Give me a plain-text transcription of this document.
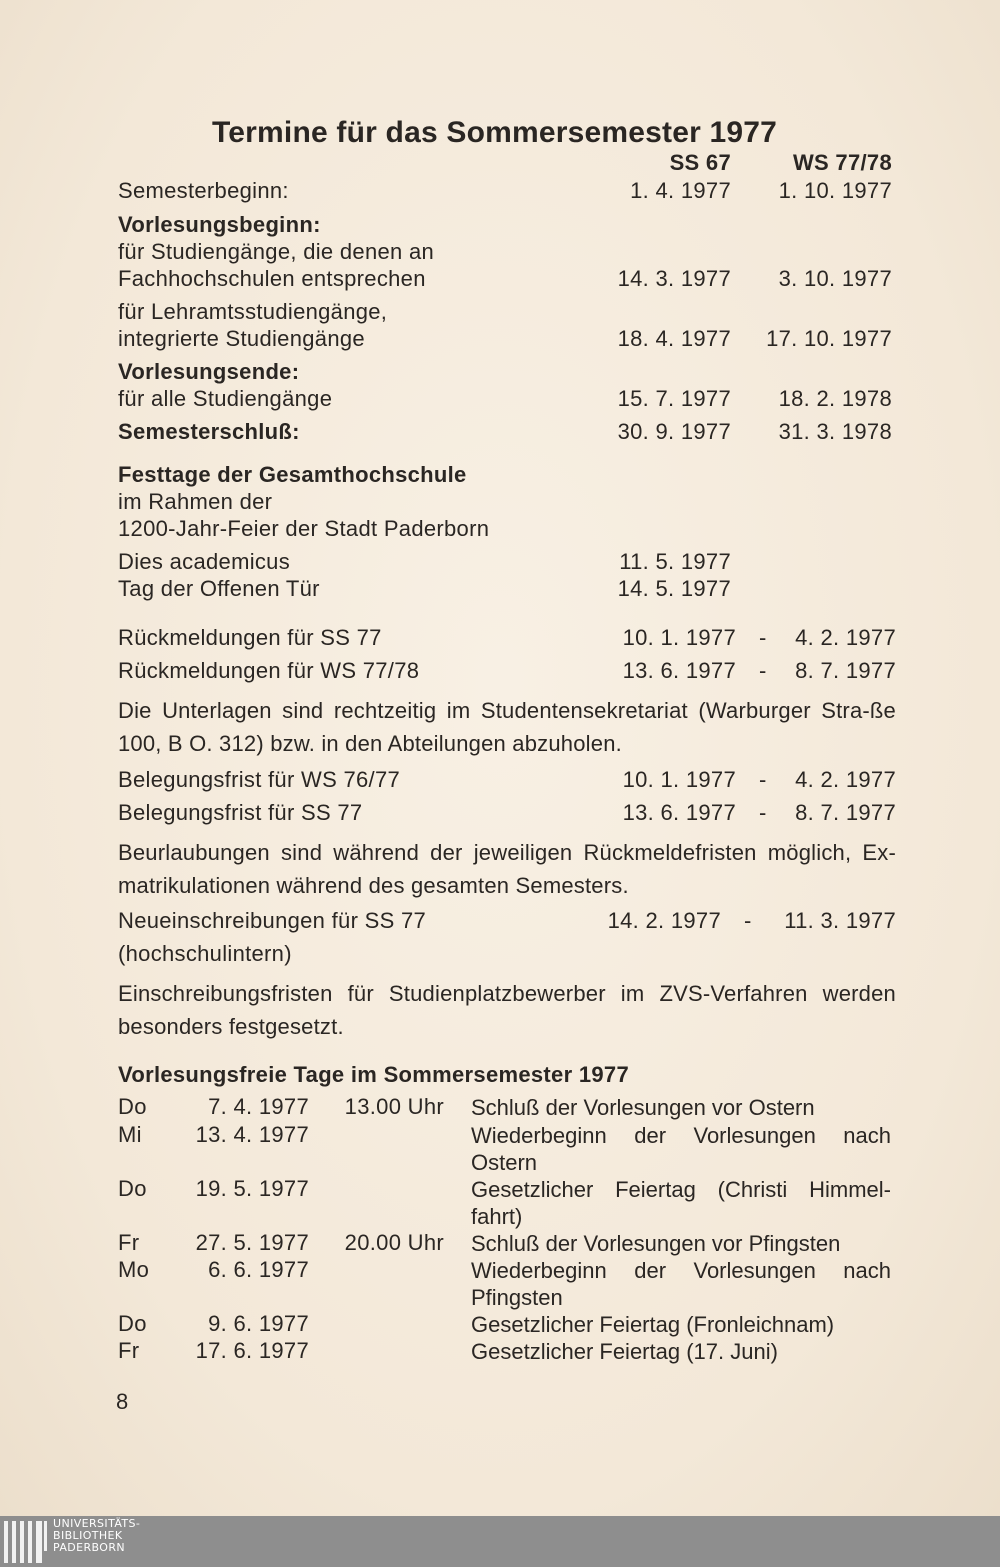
Termine für das Sommersemester 1977
SS 67	WS 77/78
Semesterbeginn:	1. 4. 1977	1. 10. 1977
Vorlesungsbeginn:
für Studiengänge, die denen an
Fachhochschulen entsprechen	14. 3. 1977	3. 10. 1977
für Lehramtsstudiengänge,
integrierte Studiengänge	18. 4. 1977	17. 10. 1977
Vorlesungsende:
für alle Studiengänge	15. 7. 1977	18. 2. 1978
Semesterschluß:	30. 9. 1977	31. 3. 1978
Festtage der Gesamthochschule
im Rahmen der
1200-Jahr-Feier der Stadt Paderborn
Dies academicus	11. 5. 1977
Tag der Offenen Tür	14. 5. 1977
Rückmeldungen für SS 77	10. 1. 1977 -	4. 2. 1977
Rückmeldungen für WS 77/78	13. 6. 1977 -	8. 7. 1977
Die Unterlagen sind rechtzeitig im Studentensekretariat (Warburger Stra-ße 100, B O. 312) bzw. in den Abteilungen abzuholen.
Belegungsfrist für WS 76/77	10. 1. 1977 -	4. 2. 1977
Belegungsfrist für SS 77	13. 6. 1977 -	8. 7. 1977
Beurlaubungen sind während der jeweiligen Rückmeldefristen möglich, Ex-matrikulationen während des gesamten Semesters.
Neueinschreibungen für SS 77	14. 2. 1977 -	11. 3. 1977
(hochschulintern)
Einschreibungsfristen für Studienplatzbewerber im ZVS-Verfahren werden besonders festgesetzt.
Vorlesungsfreie Tage im Sommersemester 1977
Do	7. 4. 1977	13.00 Uhr Schluß der Vorlesungen vor Ostern
Mi	13. 4. 1977	Wiederbeginn der Vorlesungen nach Ostern
Do	19. 5. 1977	Gesetzlicher Feiertag (Christi Himmel-fahrt)
Fr	27. 5. 1977	20.00 Uhr Schluß der Vorlesungen vor Pfingsten
Mo	6. 6. 1977	Wiederbeginn der Vorlesungen nach Pfingsten
Do	9. 6. 1977	Gesetzlicher Feiertag (Fronleichnam)
Fr	17. 6. 1977	Gesetzlicher Feiertag (17. Juni)
8
UNIVERSITÄTS-
BIBLIOTHEK
PADERBORN
